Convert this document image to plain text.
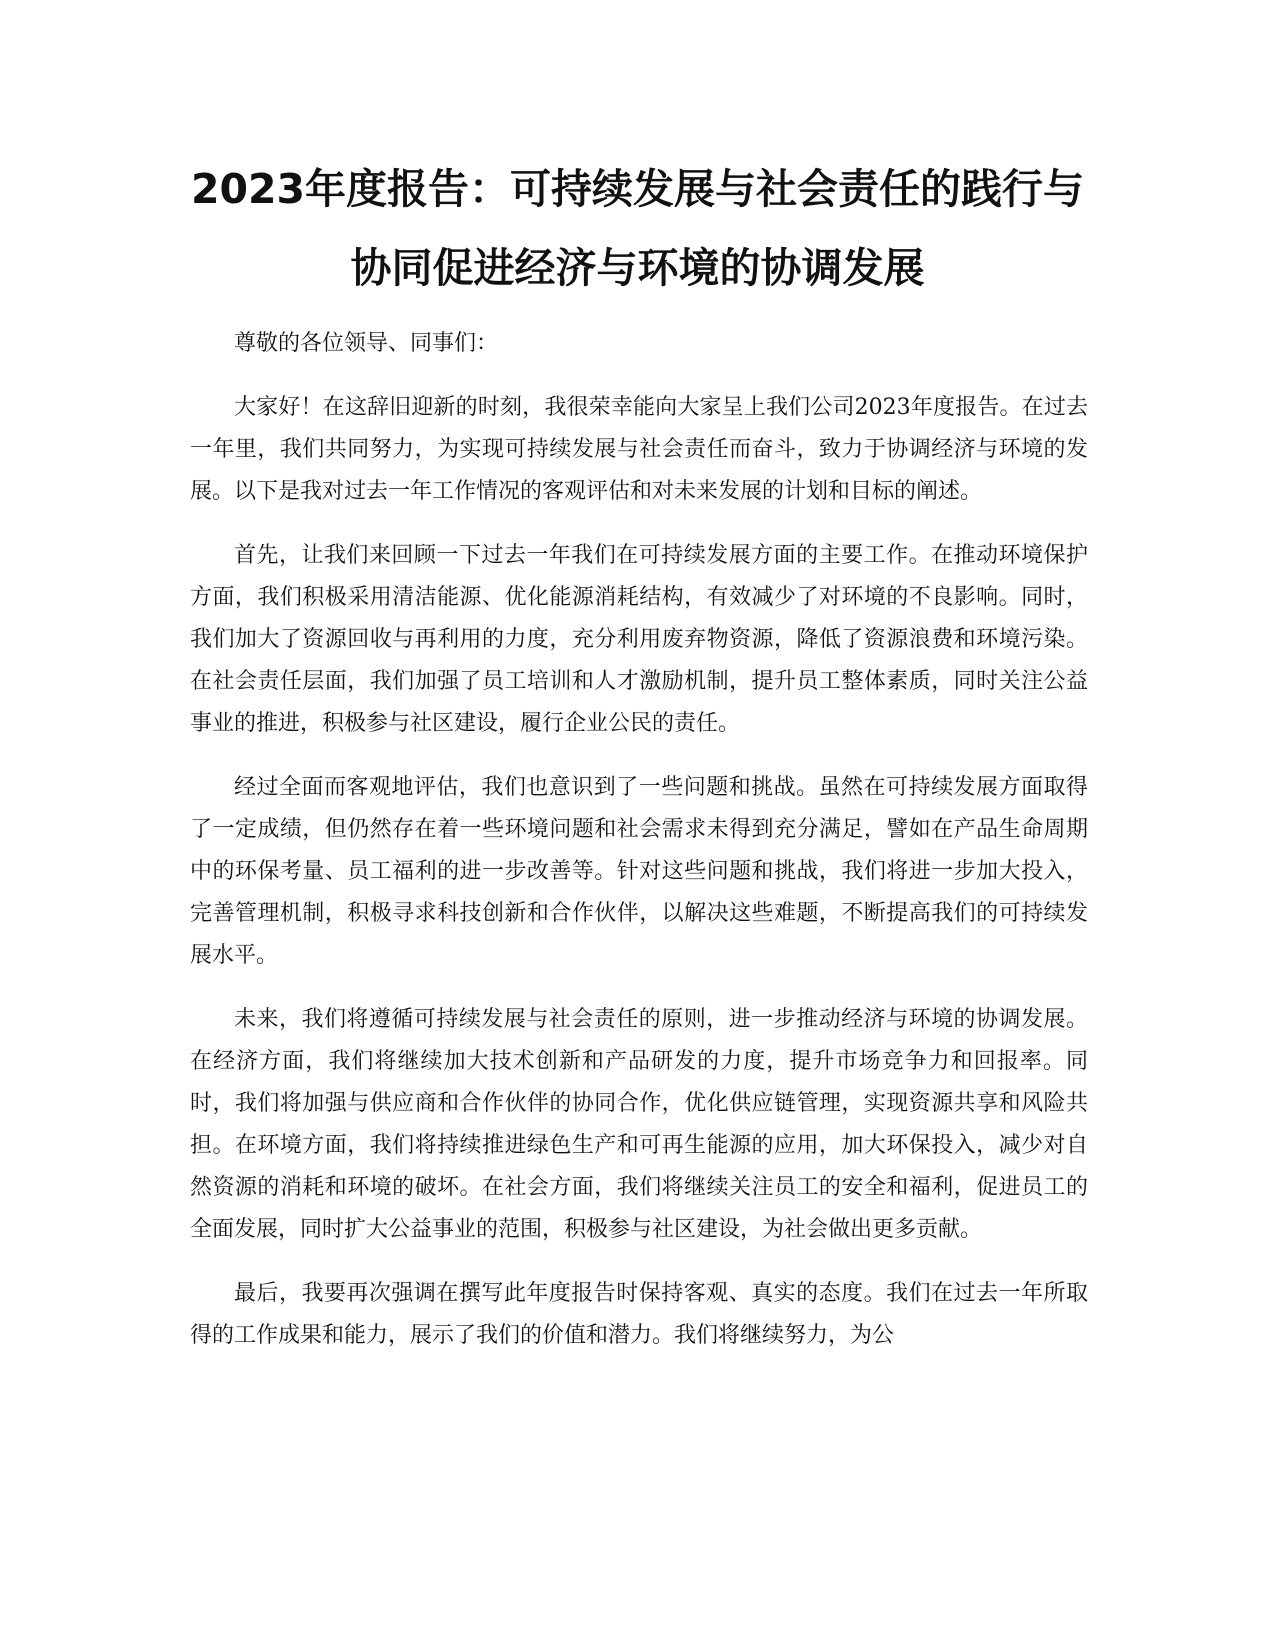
2023年度报告：可持续发展与社会责任的践行与协同促进经济与环境的协调发展

尊敬的各位领导、同事们：

大家好！在这辞旧迎新的时刻，我很荣幸能向大家呈上我们公司2023年度报告。在过去一年里，我们共同努力，为实现可持续发展与社会责任而奋斗，致力于协调经济与环境的发展。以下是我对过去一年工作情况的客观评估和对未来发展的计划和目标的阐述。

首先，让我们来回顾一下过去一年我们在可持续发展方面的主要工作。在推动环境保护方面，我们积极采用清洁能源、优化能源消耗结构，有效减少了对环境的不良影响。同时，我们加大了资源回收与再利用的力度，充分利用废弃物资源，降低了资源浪费和环境污染。在社会责任层面，我们加强了员工培训和人才激励机制，提升员工整体素质，同时关注公益事业的推进，积极参与社区建设，履行企业公民的责任。

经过全面而客观地评估，我们也意识到了一些问题和挑战。虽然在可持续发展方面取得了一定成绩，但仍然存在着一些环境问题和社会需求未得到充分满足，譬如在产品生命周期中的环保考量、员工福利的进一步改善等。针对这些问题和挑战，我们将进一步加大投入，完善管理机制，积极寻求科技创新和合作伙伴，以解决这些难题，不断提高我们的可持续发展水平。

未来，我们将遵循可持续发展与社会责任的原则，进一步推动经济与环境的协调发展。在经济方面，我们将继续加大技术创新和产品研发的力度，提升市场竞争力和回报率。同时，我们将加强与供应商和合作伙伴的协同合作，优化供应链管理，实现资源共享和风险共担。在环境方面，我们将持续推进绿色生产和可再生能源的应用，加大环保投入，减少对自然资源的消耗和环境的破坏。在社会方面，我们将继续关注员工的安全和福利，促进员工的全面发展，同时扩大公益事业的范围，积极参与社区建设，为社会做出更多贡献。

最后，我要再次强调在撰写此年度报告时保持客观、真实的态度。我们在过去一年所取得的工作成果和能力，展示了我们的价值和潜力。我们将继续努力，为公
